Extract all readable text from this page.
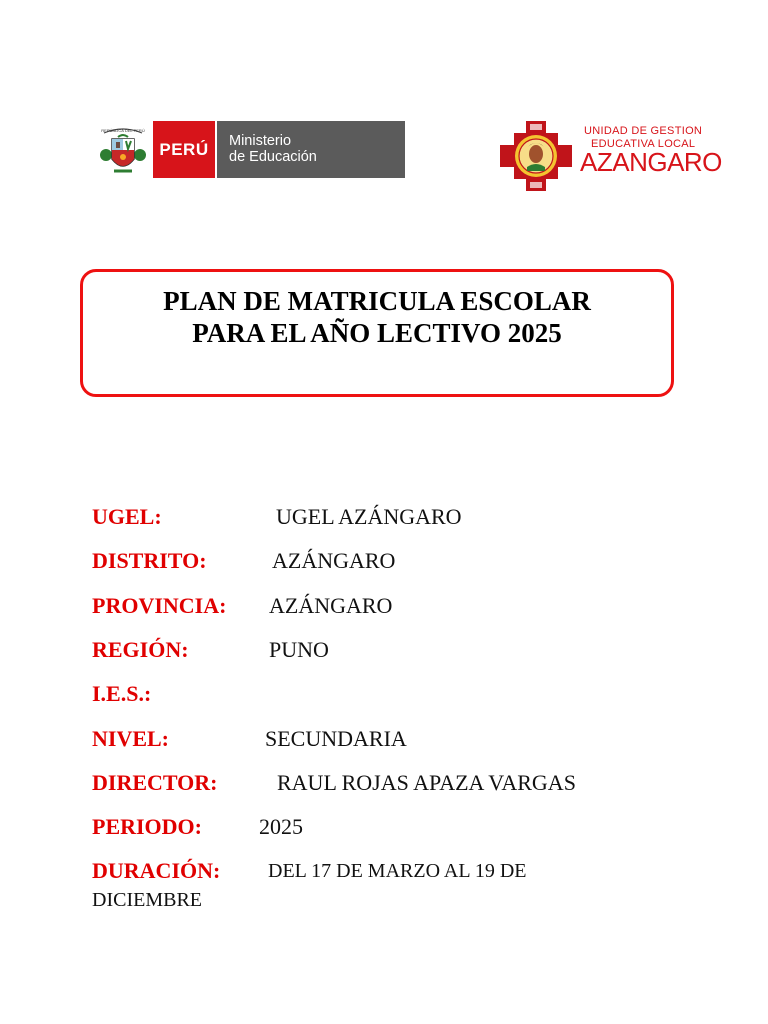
REPÚBLICA DEL PERÚ
PERÚ	Ministerio
de Educación
UNIDAD DE GESTION
EDUCATIVA LOCAL
AZANGARO
PLAN DE MATRICULA ESCOLAR
PARA EL AÑO LECTIVO 2025
UGEL:	UGEL AZÁNGARO
DISTRITO:	AZÁNGARO
PROVINCIA: AZÁNGARO
REGIÓN:	PUNO
I.E.S.:
NIVEL:	SECUNDARIA
DIRECTOR:	RAUL ROJAS APAZA VARGAS
PERIODO:	2025
DURACIÓN: DEL 17 DE MARZO AL 19 DE
DICIEMBRE
